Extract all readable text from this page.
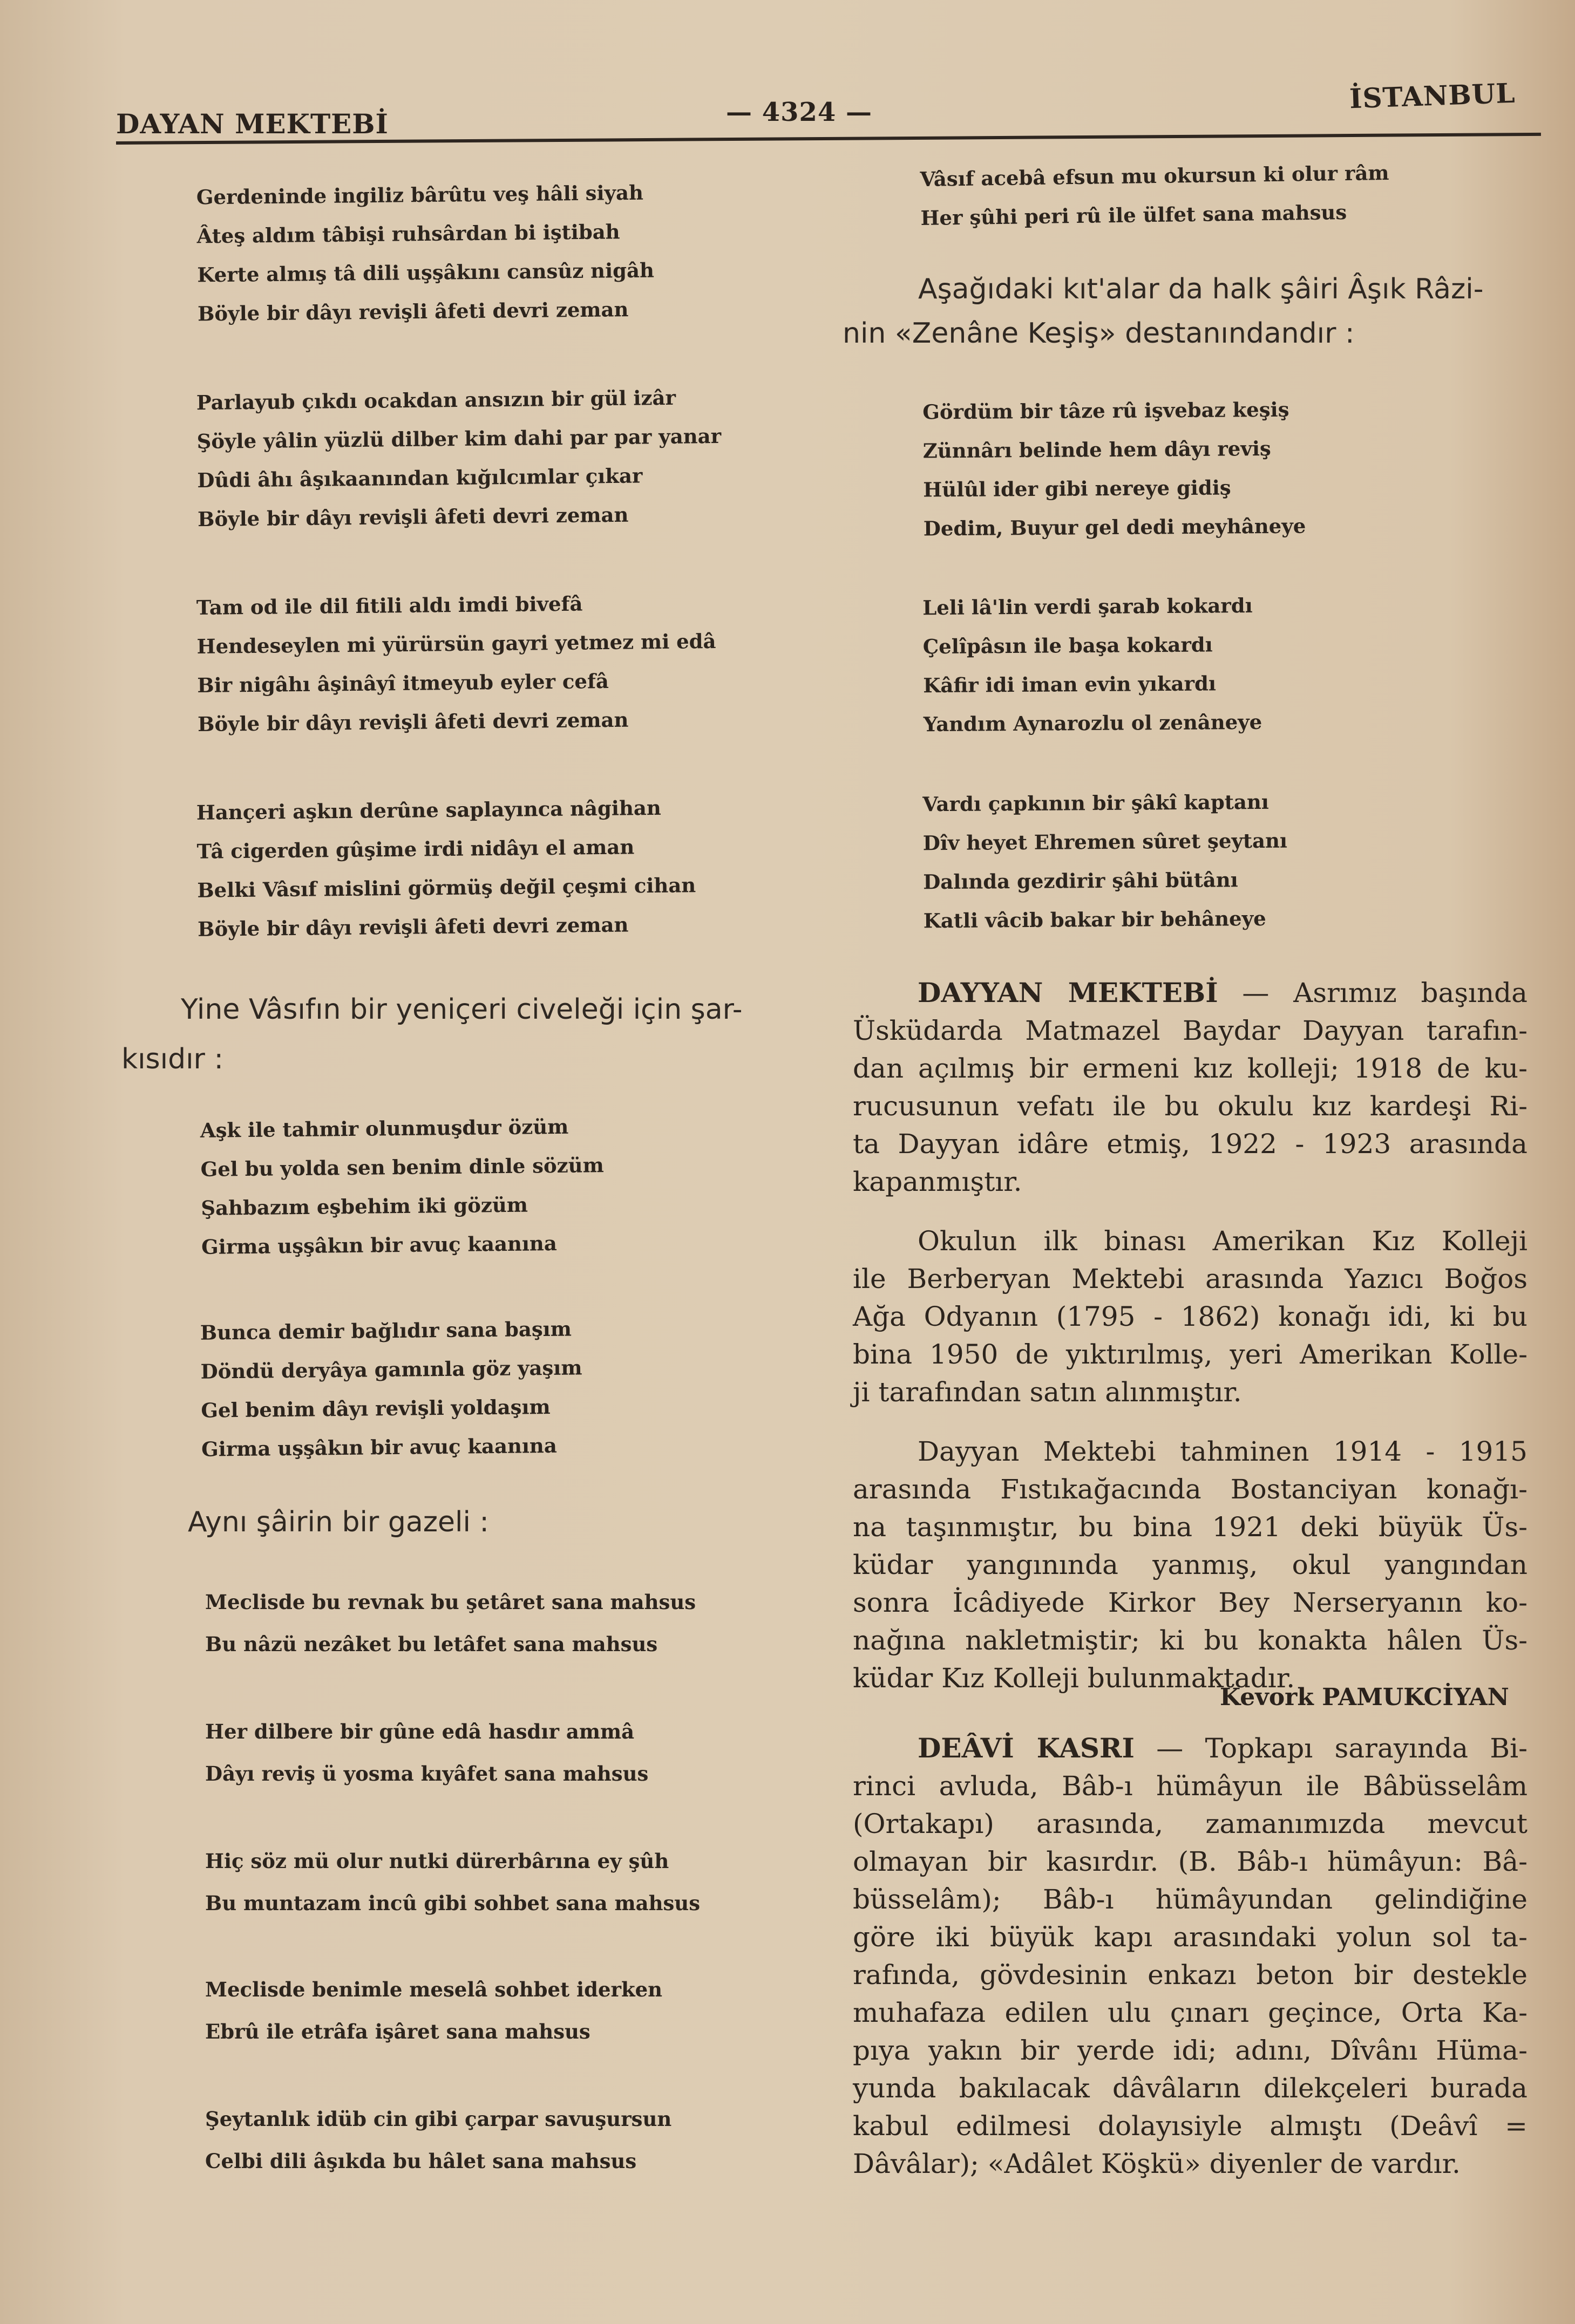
DAYAN MEKTEBİ	— 4324 —	İSTANBUL
Gerdeninde ingiliz bârûtu veş hâli siyah
Âteş aldım tâbişi ruhsârdan bi iştibah
Kerte almış tâ dili uşşâkını cansûz nigâh
Böyle bir dâyı revişli âfeti devri zeman
Parlayub çıkdı ocakdan ansızın bir gül izâr
Şöyle yâlin yüzlü dilber kim dahi par par yanar
Dûdi âhı âşıkaanından kığılcımlar çıkar
Böyle bir dâyı revişli âfeti devri zeman
Tam od ile dil fitili aldı imdi bivefâ
Hendeseylen mi yürürsün gayri yetmez mi edâ
Bir nigâhı âşinâyî itmeyub eyler cefâ
Böyle bir dâyı revişli âfeti devri zeman
Hançeri aşkın derûne saplayınca nâgihan
Tâ cigerden gûşime irdi nidâyı el aman
Belki Vâsıf mislini görmüş değil çeşmi cihan
Böyle bir dâyı revişli âfeti devri zeman
Aşk ile tahmir olunmuşdur özüm
Gel bu yolda sen benim dinle sözüm
Şahbazım eşbehim iki gözüm
Girma uşşâkın bir avuç kaanına
Bunca demir bağlıdır sana başım
Döndü deryâya gamınla göz yaşım
Gel benim dâyı revişli yoldaşım
Girma uşşâkın bir avuç kaanına
Meclisde bu revnak bu şetâret sana mahsus
Bu nâzü nezâket bu letâfet sana mahsus
Her dilbere bir gûne edâ hasdır ammâ
Dâyı reviş ü yosma kıyâfet sana mahsus
Hiç söz mü olur nutki dürerbârına ey şûh
Bu muntazam incû gibi sohbet sana mahsus
Meclisde benimle meselâ sohbet iderken
Ebrû ile etrâfa işâret sana mahsus
Şeytanlık idüb cin gibi çarpar savuşursun
Celbi dili âşıkda bu hâlet sana mahsus
Yine Vâsıfın bir yeniçeri civeleği için şar-
kısıdır :
Aynı şâirin bir gazeli :
Vâsıf acebâ efsun mu okursun ki olur râm
Her şûhi peri rû ile ülfet sana mahsus
Aşağıdaki kıt'alar da halk şâiri Âşık Râzi-
nin «Zenâne Keşiş» destanındandır :
Gördüm bir tâze rû işvebaz keşiş
Zünnârı belinde hem dâyı reviş
Hülûl ider gibi nereye gidiş
Dedim, Buyur gel dedi meyhâneye
Leli lâ'lin verdi şarab kokardı
Çelîpâsın ile başa kokardı
Kâfir idi iman evin yıkardı
Yandım Aynarozlu ol zenâneye
Vardı çapkının bir şâkî kaptanı
Dîv heyet Ehremen sûret şeytanı
Dalında gezdirir şâhi bütânı
Katli vâcib bakar bir behâneye
DAYYAN MEKTEBİ — Asrımız başında
Üsküdarda Matmazel Baydar Dayyan tarafın-
dan açılmış bir ermeni kız kolleji; 1918 de ku-
rucusunun vefatı ile bu okulu kız kardeşi Ri-
ta Dayyan idâre etmiş, 1922 - 1923 arasında
kapanmıştır.
Okulun ilk binası Amerikan Kız Kolleji
ile Berberyan Mektebi arasında Yazıcı Boğos
Ağa Odyanın (1795 - 1862) konağı idi, ki bu
bina 1950 de yıktırılmış, yeri Amerikan Kolle-
ji tarafından satın alınmıştır.
Dayyan Mektebi tahminen 1914 - 1915
arasında Fıstıkağacında Bostanciyan konağı-
na taşınmıştır, bu bina 1921 deki büyük Üs-
küdar yangınında yanmış, okul yangından
sonra İcâdiyede Kirkor Bey Nerseryanın ko-
nağına nakletmiştir; ki bu konakta hâlen Üs-
küdar Kız Kolleji bulunmaktadır.
Kevork PAMUKCİYAN
DEÂVİ KASRI — Topkapı sarayında Bi-
rinci avluda, Bâb-ı hümâyun ile Bâbüsselâm
(Ortakapı) arasında, zamanımızda mevcut
olmayan bir kasırdır. (B. Bâb-ı hümâyun: Bâ-
büsselâm); Bâb-ı hümâyundan gelindiğine
göre iki büyük kapı arasındaki yolun sol ta-
rafında, gövdesinin enkazı beton bir destekle
muhafaza edilen ulu çınarı geçince, Orta Ka-
pıya yakın bir yerde idi; adını, Dîvânı Hüma-
yunda bakılacak dâvâların dilekçeleri burada
kabul edilmesi dolayısiyle almıştı (Deâvî =
Dâvâlar); «Adâlet Köşkü» diyenler de vardır.
